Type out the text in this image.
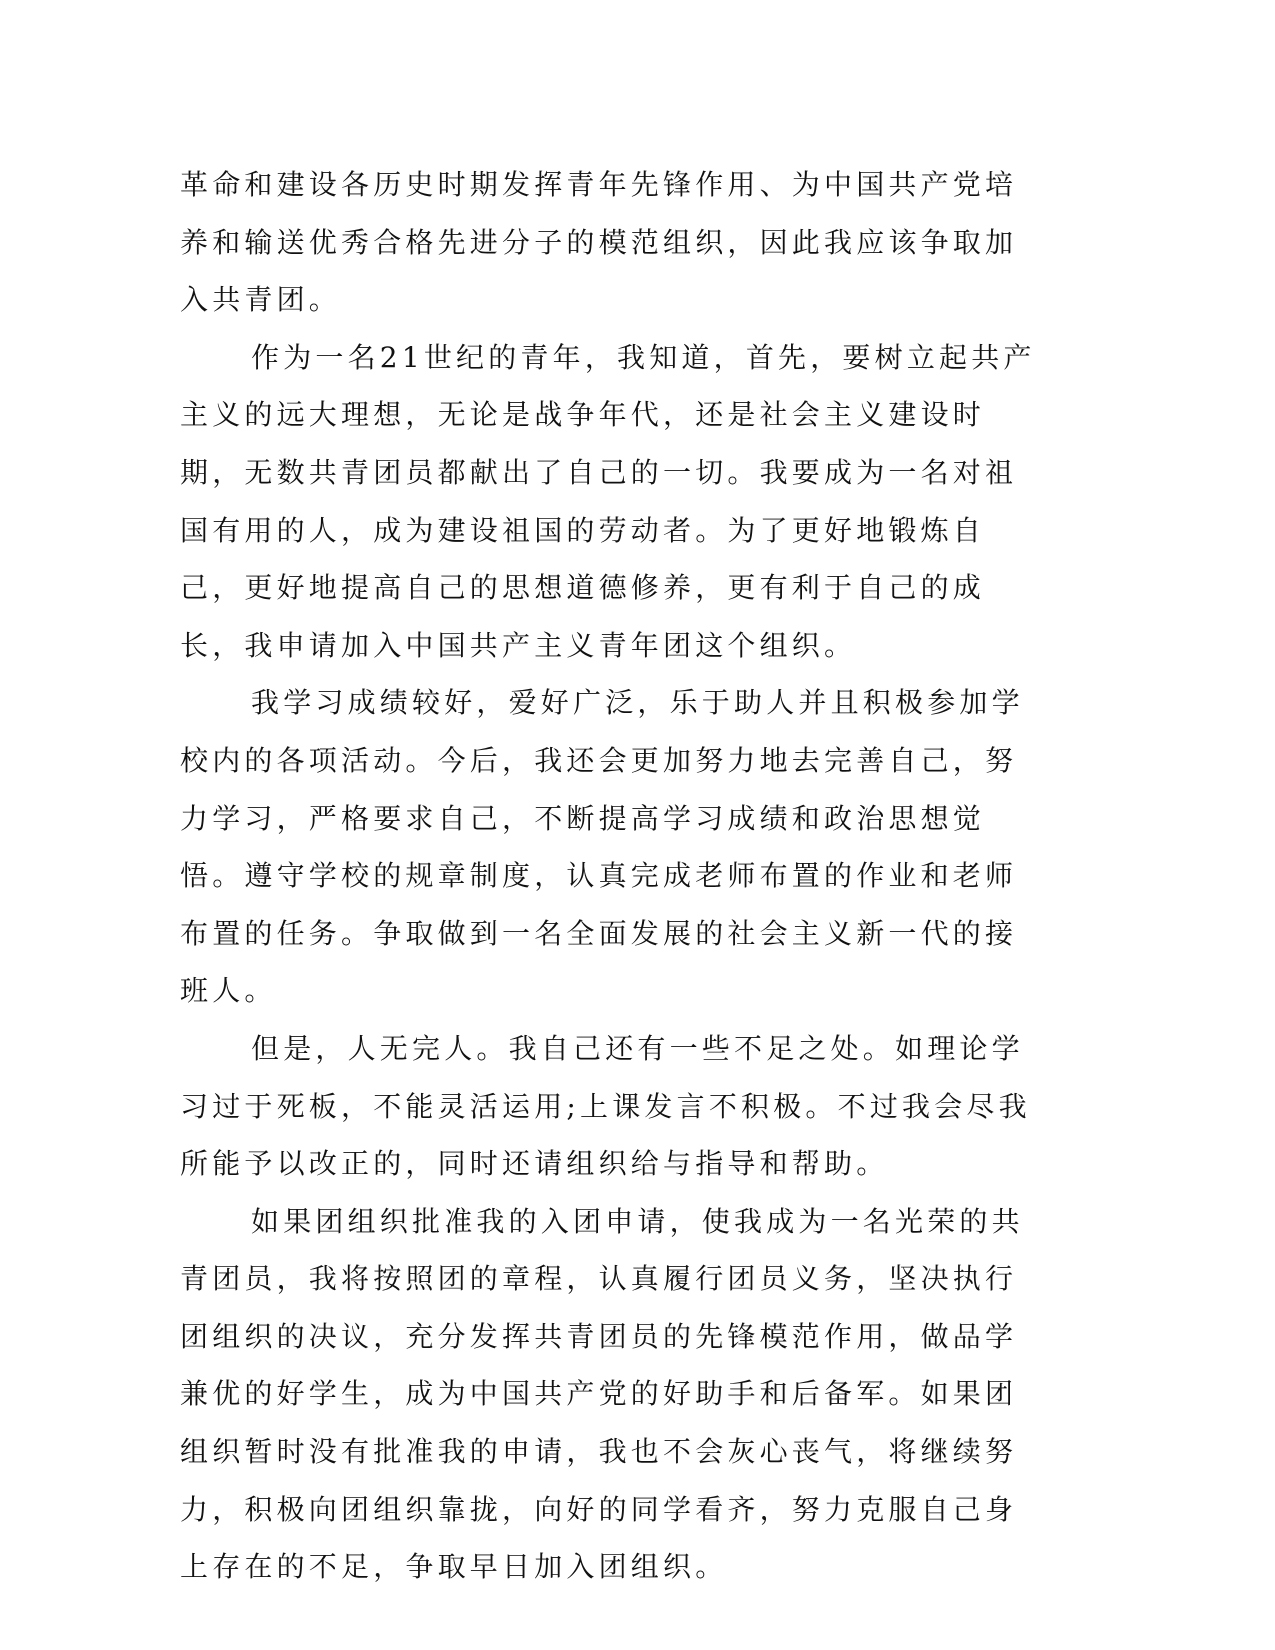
革命和建设各历史时期发挥青年先锋作用、为中国共产党培养和输送优秀合格先进分子的模范组织，因此我应该争取加入共青团。

作为一名21世纪的青年，我知道，首先，要树立起共产主义的远大理想，无论是战争年代，还是社会主义建设时期，无数共青团员都献出了自己的一切。我要成为一名对祖国有用的人，成为建设祖国的劳动者。为了更好地锻炼自己，更好地提高自己的思想道德修养，更有利于自己的成长，我申请加入中国共产主义青年团这个组织。

我学习成绩较好，爱好广泛，乐于助人并且积极参加学校内的各项活动。今后，我还会更加努力地去完善自己，努力学习，严格要求自己，不断提高学习成绩和政治思想觉悟。遵守学校的规章制度，认真完成老师布置的作业和老师布置的任务。争取做到一名全面发展的社会主义新一代的接班人。

但是，人无完人。我自己还有一些不足之处。如理论学习过于死板，不能灵活运用;上课发言不积极。不过我会尽我所能予以改正的，同时还请组织给与指导和帮助。

如果团组织批准我的入团申请，使我成为一名光荣的共青团员，我将按照团的章程，认真履行团员义务，坚决执行团组织的决议，充分发挥共青团员的先锋模范作用，做品学兼优的好学生，成为中国共产党的好助手和后备军。如果团组织暂时没有批准我的申请，我也不会灰心丧气，将继续努力，积极向团组织靠拢，向好的同学看齐，努力克服自己身上存在的不足，争取早日加入团组织。
